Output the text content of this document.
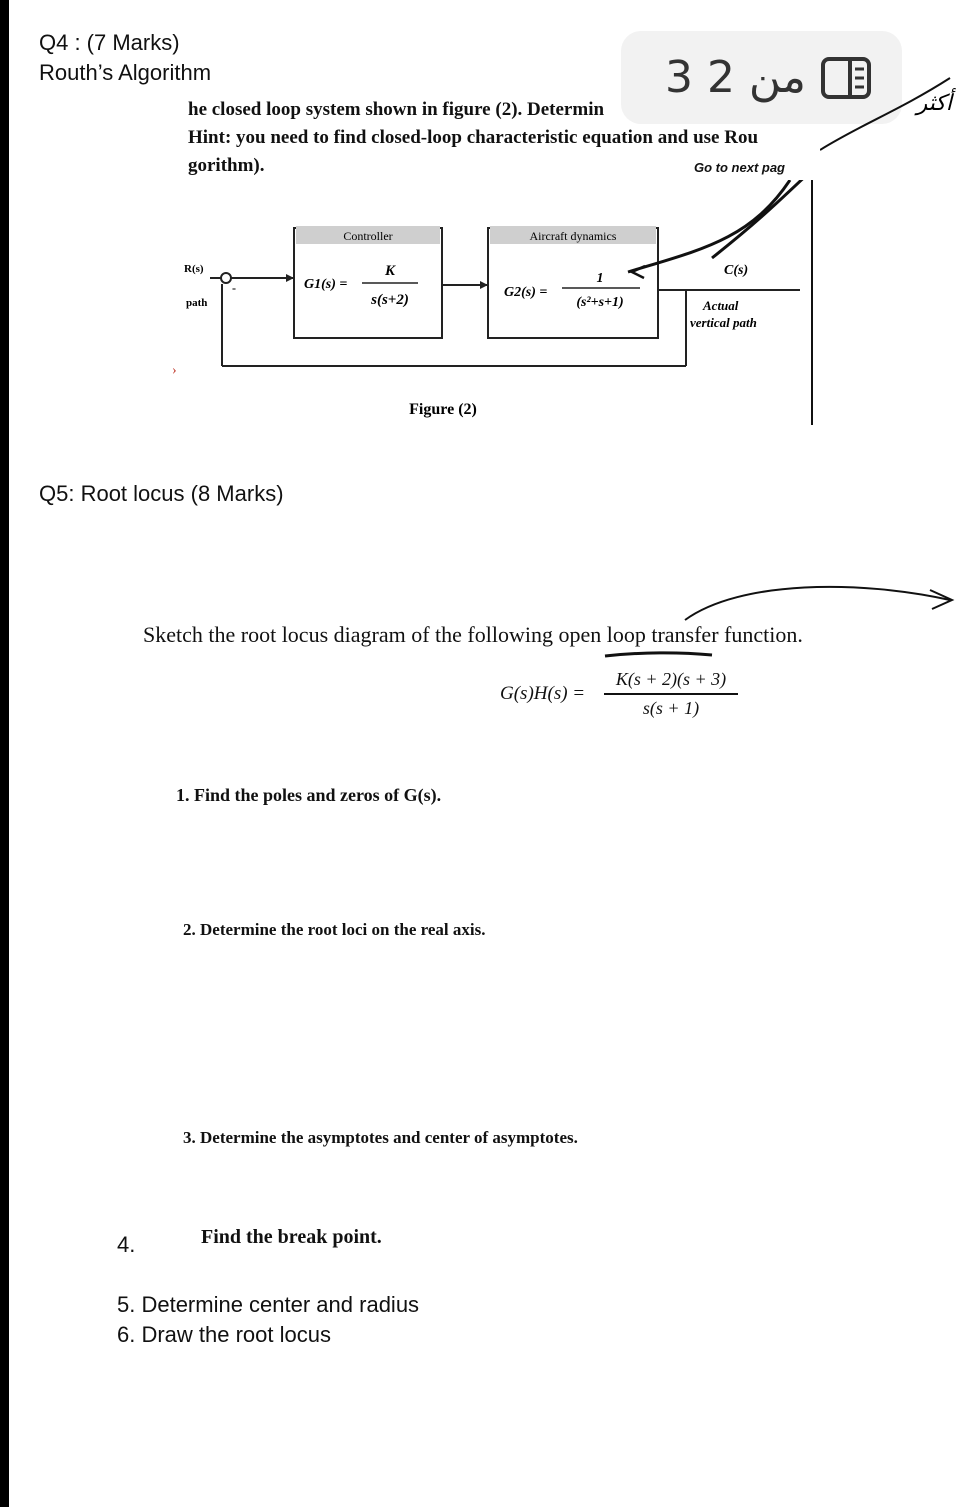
Q4 : (7 Marks)
Routh’s Algorithm
he closed loop system shown in figure (2). Determin
Hint: you need to find closed-loop characteristic equation and use Rou
gorithm).	Go to next pag
3 من 2
Controller	Aircraft dynamics
-
R(s)
path
G1(s) =
K
s(s+2)	G2(s) =
1
(s²+s+1)
C(s)
Actual
vertical path
›
Figure (2)
أكثر
Q5: Root locus (8 Marks)
Sketch the root locus diagram of the following open loop transfer function.
G(s)H(s) =
K(s + 2)(s + 3)
s(s + 1)
1. Find the poles and zeros of G(s).
2. Determine the root loci on the real axis.
3. Determine the asymptotes and center of asymptotes.
4.	Find the break point.
5. Determine center and radius
6. Draw the root locus
